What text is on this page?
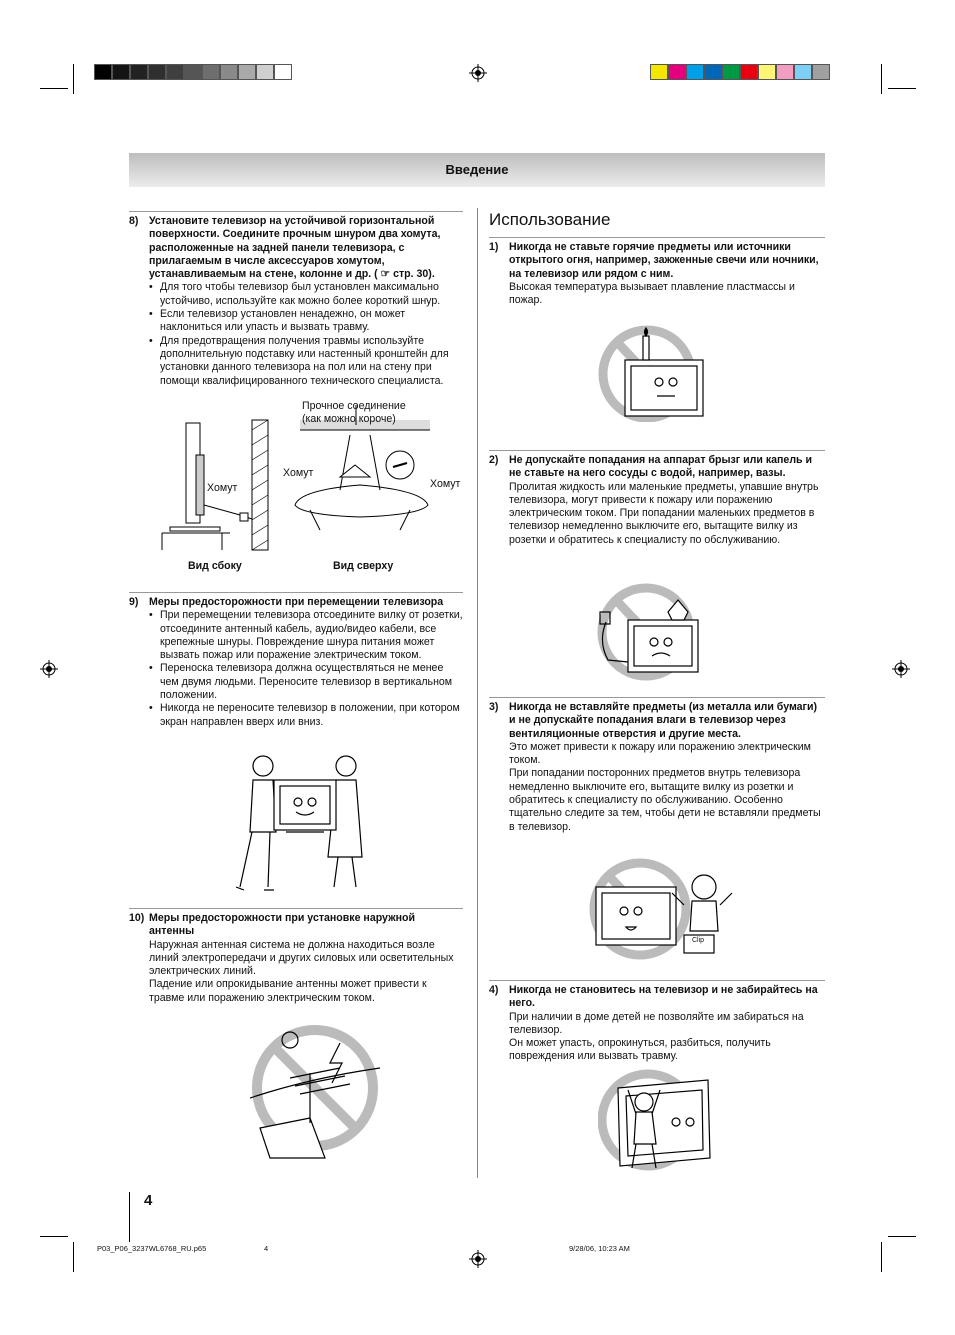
Введение
8) Установите телевизор на устойчивой горизонтальной поверхности. Соедините прочным шнуром два хомута, расположенные на задней панели телевизора, с прилагаемым в числе аксессуаров хомутом, устанавливаемым на стене, колонне и др. ( ☞ стр. 30).
• Для того чтобы телевизор был установлен максимально устойчиво, используйте как можно более короткий шнур.
• Если телевизор установлен ненадежно, он может наклониться или упасть и вызвать травму.
• Для предотвращения получения травмы используйте дополнительную подставку или настенный кронштейн для установки данного телевизора на пол или на стену при помощи квалифицированного технического специалиста.
Хомут
Прочное соединение (как можно короче)
Хомут
Хомут
Вид сбоку	Вид сверху
9) Меры предосторожности при перемещении телевизора
• При перемещении телевизора отсоедините вилку от розетки, отсоедините антенный кабель, аудио/видео кабели, все крепежные шнуры. Повреждение шнура питания может вызвать пожар или поражение электрическим током.
• Переноска телевизора должна осуществляться не менее чем двумя людьми. Переносите телевизор в вертикальном положении.
• Никогда не переносите телевизор в положении, при котором экран направлен вверх или вниз.
10) Меры предосторожности при установке наружной антенны
Наружная антенная система не должна находиться возле линий электропередачи и других силовых или осветительных электрических линий.
Падение или опрокидывание антенны может привести к травме или поражению электрическим током.
Использование
1) Никогда не ставьте горячие предметы или источники открытого огня, например, зажженные свечи или ночники, на телевизор или рядом с ним.
Высокая температура вызывает плавление пластмассы и пожар.
2) Не допускайте попадания на аппарат брызг или капель и не ставьте на него сосуды с водой, например, вазы.
Пролитая жидкость или маленькие предметы, упавшие внутрь телевизора, могут привести к пожару или поражению электрическим током. При попадании маленьких предметов в телевизор немедленно выключите его, вытащите вилку из розетки и обратитесь к специалисту по обслуживанию.
3) Никогда не вставляйте предметы (из металла или бумаги) и не допускайте попадания влаги в телевизор через вентиляционные отверстия и другие места.
Это может привести к пожару или поражению электрическим током.
При попадании посторонних предметов внутрь телевизора немедленно выключите его, вытащите вилку из розетки и обратитесь к специалисту по обслуживанию. Особенно тщательно следите за тем, чтобы дети не вставляли предметы в телевизор.
Clip
4) Никогда не становитесь на телевизор и не забирайтесь на него.
При наличии в доме детей не позволяйте им забираться на телевизор.
Он может упасть, опрокинуться, разбиться, получить повреждения или вызвать травму.
4
P03_P06_3237WL6768_RU.p65	4	9/28/06, 10:23 AM
